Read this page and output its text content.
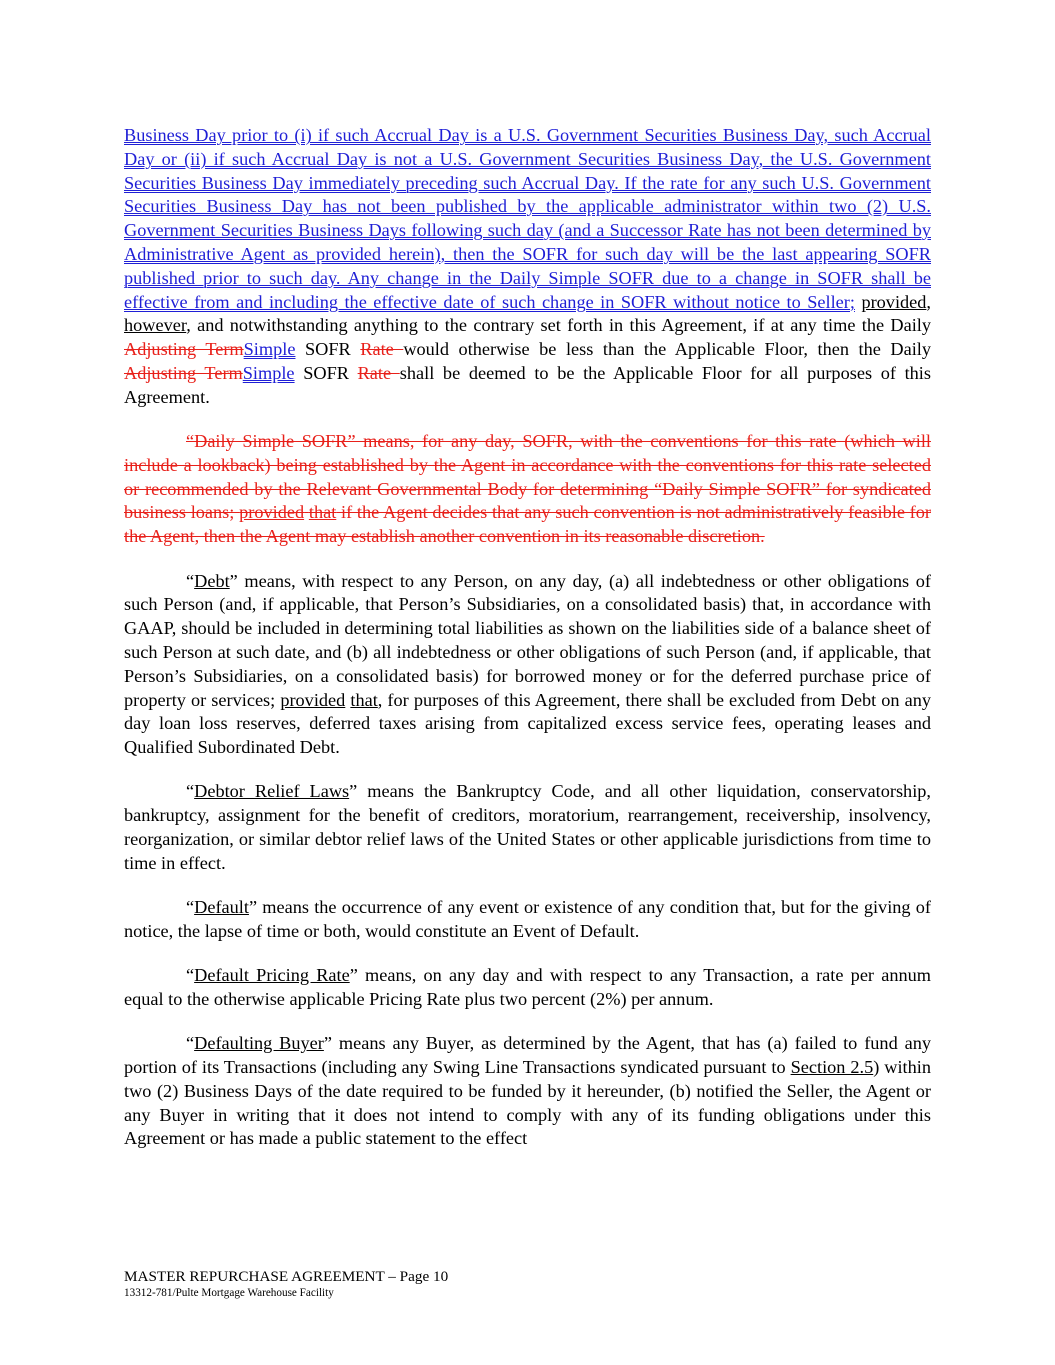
Business Day prior to (i) if such Accrual Day is a U.S. Government Securities Business Day, such Accrual Day or (ii) if such Accrual Day is not a U.S. Government Securities Business Day, the U.S. Government Securities Business Day immediately preceding such Accrual Day. If the rate for any such U.S. Government Securities Business Day has not been published by the applicable administrator within two (2) U.S. Government Securities Business Days following such day (and a Successor Rate has not been determined by Administrative Agent as provided herein), then the SOFR for such day will be the last appearing SOFR published prior to such day. Any change in the Daily Simple SOFR due to a change in SOFR shall be effective from and including the effective date of such change in SOFR without notice to Seller; provided, however, and notwithstanding anything to the contrary set forth in this Agreement, if at any time the Daily Adjusting TermSimple SOFR Rate would otherwise be less than the Applicable Floor, then the Daily Adjusting TermSimple SOFR Rate shall be deemed to be the Applicable Floor for all purposes of this Agreement.

“Daily Simple SOFR” means, for any day, SOFR, with the conventions for this rate (which will include a lookback) being established by the Agent in accordance with the conventions for this rate selected or recommended by the Relevant Governmental Body for determining “Daily Simple SOFR” for syndicated business loans; provided that if the Agent decides that any such convention is not administratively feasible for the Agent, then the Agent may establish another convention in its reasonable discretion.

“Debt” means, with respect to any Person, on any day, (a) all indebtedness or other obligations of such Person (and, if applicable, that Person’s Subsidiaries, on a consolidated basis) that, in accordance with GAAP, should be included in determining total liabilities as shown on the liabilities side of a balance sheet of such Person at such date, and (b) all indebtedness or other obligations of such Person (and, if applicable, that Person’s Subsidiaries, on a consolidated basis) for borrowed money or for the deferred purchase price of property or services; provided that, for purposes of this Agreement, there shall be excluded from Debt on any day loan loss reserves, deferred taxes arising from capitalized excess service fees, operating leases and Qualified Subordinated Debt.

“Debtor Relief Laws” means the Bankruptcy Code, and all other liquidation, conservatorship, bankruptcy, assignment for the benefit of creditors, moratorium, rearrangement, receivership, insolvency, reorganization, or similar debtor relief laws of the United States or other applicable jurisdictions from time to time in effect.

“Default” means the occurrence of any event or existence of any condition that, but for the giving of notice, the lapse of time or both, would constitute an Event of Default.

“Default Pricing Rate” means, on any day and with respect to any Transaction, a rate per annum equal to the otherwise applicable Pricing Rate plus two percent (2%) per annum.

“Defaulting Buyer” means any Buyer, as determined by the Agent, that has (a) failed to fund any portion of its Transactions (including any Swing Line Transactions syndicated pursuant to Section 2.5) within two (2) Business Days of the date required to be funded by it hereunder, (b) notified the Seller, the Agent or any Buyer in writing that it does not intend to comply with any of its funding obligations under this Agreement or has made a public statement to the effect

MASTER REPURCHASE AGREEMENT – Page 10
13312-781/Pulte Mortgage Warehouse Facility
